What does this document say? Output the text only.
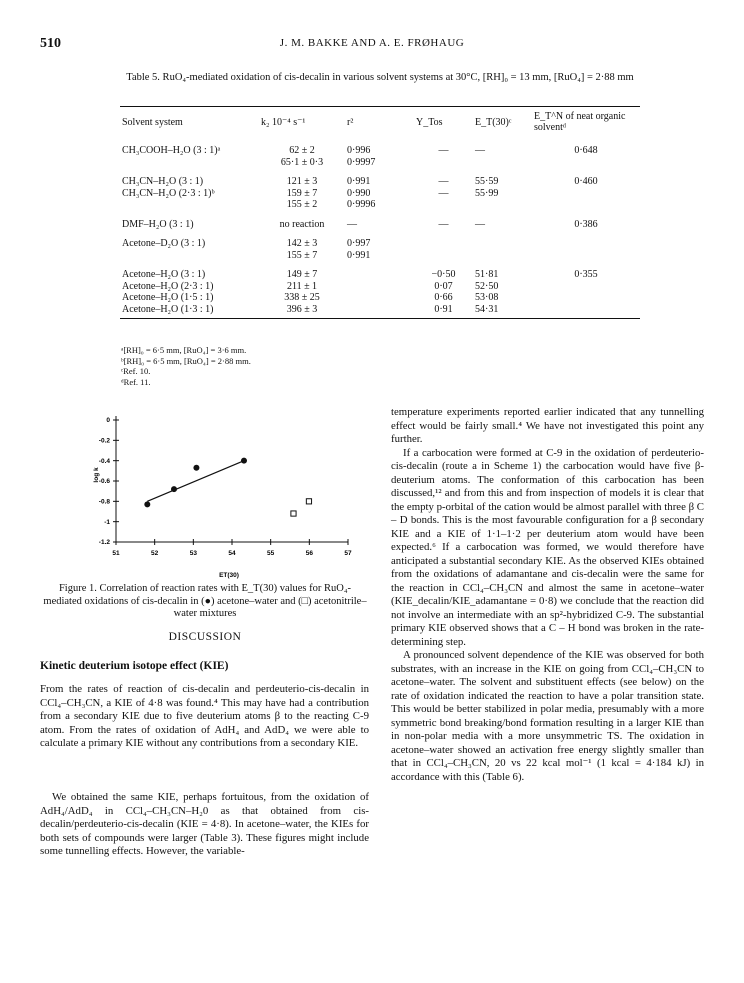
510	J. M. BAKKE AND A. E. FRØHAUG
Table 5. RuO₄-mediated oxidation of cis-decalin in various solvent systems at 30°C, [RH]₀ = 13 mm, [RuO₄] = 2·88 mm
Solvent system	k₂ 10⁻⁴ s⁻¹	r²	Y_Tos	E_T(30)ᶜ	E_T^N of neat organic solventᵈ
CH₃COOH–H₂O (3 : 1)ᵃ	62 ± 2	0·996	—	—	0·648
	65·1 ± 0·3	0·9997			
CH₃CN–H₂O (3 : 1)	121 ± 3	0·991	—	55·59	0·460
CH₃CN–H₂O (2·3 : 1)ᵇ	159 ± 7	0·990	—	55·99	
	155 ± 2	0·9996			
DMF–H₂O (3 : 1)	no reaction	—	—	—	0·386
Acetone–D₂O (3 : 1)	142 ± 3	0·997			
	155 ± 7	0·991			
Acetone–H₂O (3 : 1)	149 ± 7		−0·50	51·81	0·355
Acetone–H₂O (2·3 : 1)	211 ± 1		0·07	52·50	
Acetone–H₂O (1·5 : 1)	338 ± 25		0·66	53·08	
Acetone–H₂O (1·3 : 1)	396 ± 3		0·91	54·31	
ᵃ[RH]₀ = 6·5 mm, [RuO₄] = 3·6 mm.
ᵇ[RH]₀ = 6·5 mm, [RuO₄] = 2·88 mm.
ᶜRef. 10.
ᵈRef. 11.
0
-0.2
-0.4
-0.6
-0.8
-1
-1.2
51	52	53	54	55	56	57
log k
ET(30)
Figure 1. Correlation of reaction rates with E_T(30) values for RuO₄-mediated oxidations of cis-decalin in (●) acetone–water and (□) acetonitrile–water mixtures
DISCUSSION
Kinetic deuterium isotope effect (KIE)
From the rates of reaction of cis-decalin and perdeuterio-cis-decalin in CCl₄–CH₃CN, a KIE of 4·8 was found.⁴ This may have had a contribution from a secondary KIE due to five deuterium atoms β to the reacting C-9 atom. From the rates of oxidation of AdH₄ and AdD₄ we were able to calculate a primary KIE without any contributions from a secondary KIE.
We obtained the same KIE, perhaps fortuitous, from the oxidation of AdH₄/AdD₄ in CCl₄–CH₃CN–H₂0 as that obtained from cis-decalin/perdeuterio-cis-decalin (KIE = 4·8). In acetone–water, the KIEs for both sets of compounds were larger (Table 3). These figures might include some tunnelling effects. However, the variable-

temperature experiments reported earlier indicated that any tunnelling effect would be fairly small.⁴ We have not investigated this point any further.

If a carbocation were formed at C-9 in the oxidation of perdeuterio-cis-decalin (route a in Scheme 1) the carbocation would have five β-deuterium atoms. The conformation of this carbocation has been discussed,¹² and from this and from inspection of models it is clear that the empty p-orbital of the cation would be almost parallel with three β C – D bonds. This is the most favourable configuration for a β secondary KIE and a KIE of 1·1–1·2 per deuterium atom would have been expected.⁶ If a carbocation was formed, we would therefore have anticipated a substantial secondary KIE. As the observed KIEs obtained from the oxidations of adamantane and cis-decalin were the same for the reaction in CCl₄–CH₃CN and almost the same in acetone–water (KIE_decalin/KIE_adamantane = 0·8) we conclude that the reaction did not involve an intermediate with an sp²-hybridized C-9. The substantial primary KIE observed shows that a C – H bond was broken in the rate-determining step.

A pronounced solvent dependence of the KIE was observed for both substrates, with an increase in the KIE on going from CCl₄–CH₃CN to acetone–water. The solvent and substituent effects (see below) on the rate of oxidation indicated the reaction to have a polar transition state. This would be better stabilized in polar media, presumably with a more symmetric bond breaking/bond formation resulting in a larger KIE than in non-polar media with a more unsymmetric TS. The oxidation in acetone–water showed an activation free energy slightly smaller than that in CCl₄–CH₃CN, 20 vs 22 kcal mol⁻¹ (1 kcal = 4·184 kJ) in accordance with this (Table 6).
